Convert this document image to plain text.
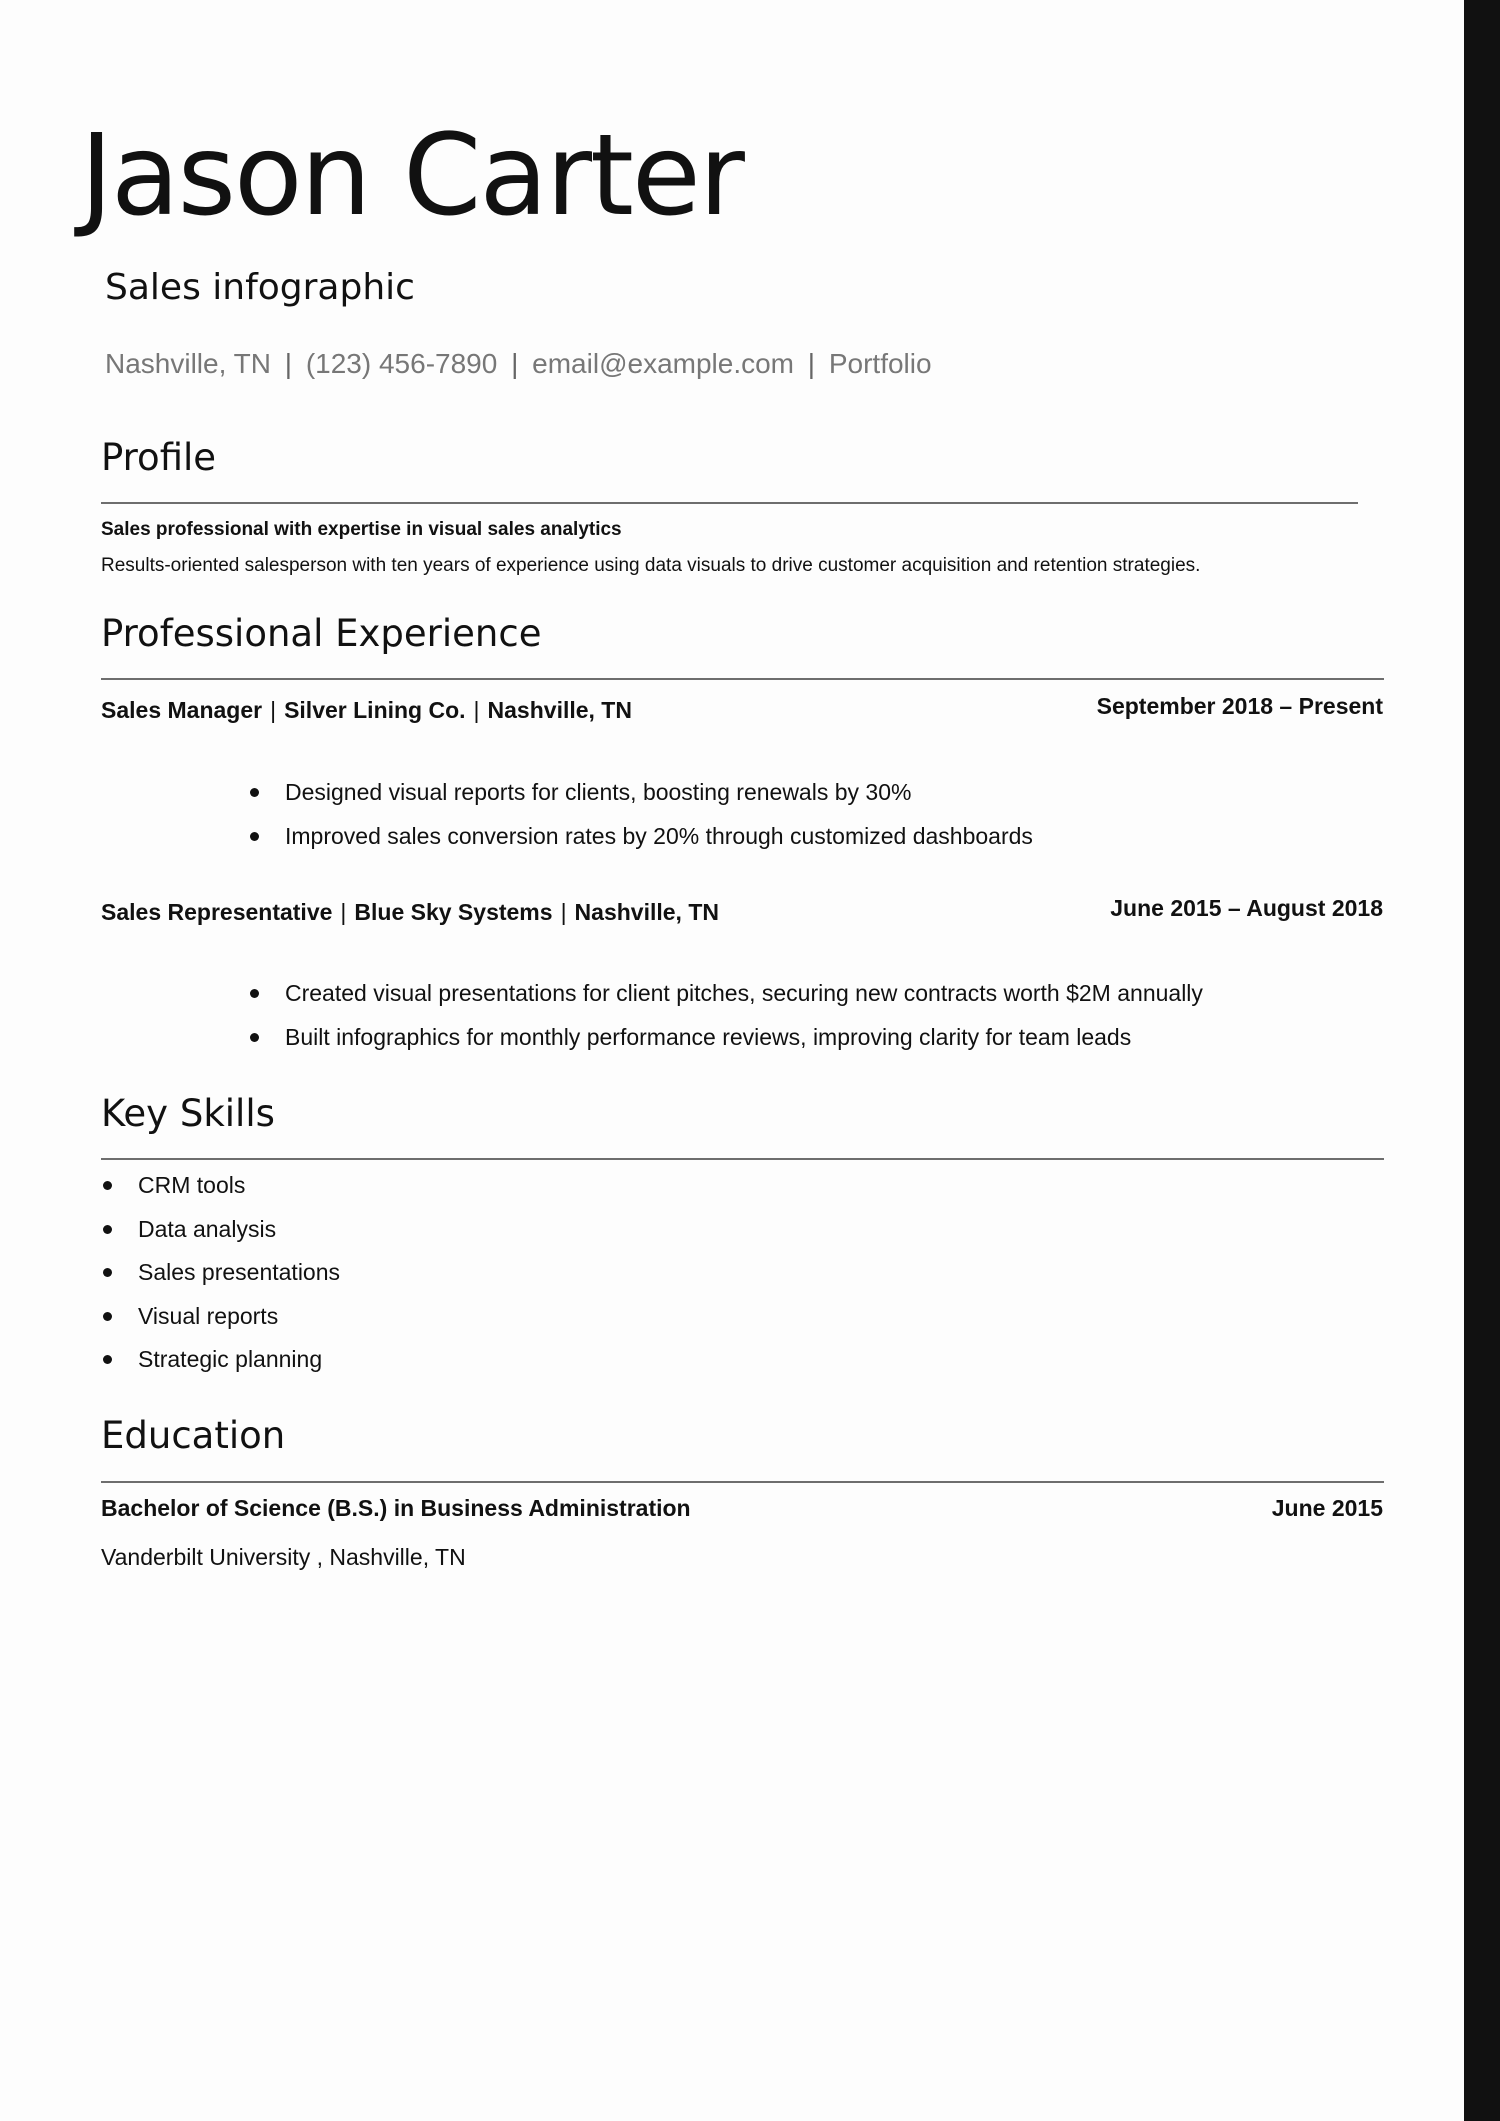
Jason Carter
Sales infographic
Nashville, TN | (123) 456-7890 | email@example.com | Portfolio
Profile
Sales professional with expertise in visual sales analytics
Results-oriented salesperson with ten years of experience using data visuals to drive customer acquisition and retention strategies.
Professional Experience
Sales Manager | Silver Lining Co. | Nashville, TN	September 2018 – Present
Designed visual reports for clients, boosting renewals by 30%
Improved sales conversion rates by 20% through customized dashboards
Sales Representative | Blue Sky Systems | Nashville, TN	June 2015 – August 2018
Created visual presentations for client pitches, securing new contracts worth $2M annually
Built infographics for monthly performance reviews, improving clarity for team leads
Key Skills
CRM tools
Data analysis
Sales presentations
Visual reports
Strategic planning
Education
Bachelor of Science (B.S.) in Business Administration	June 2015
Vanderbilt University , Nashville, TN
